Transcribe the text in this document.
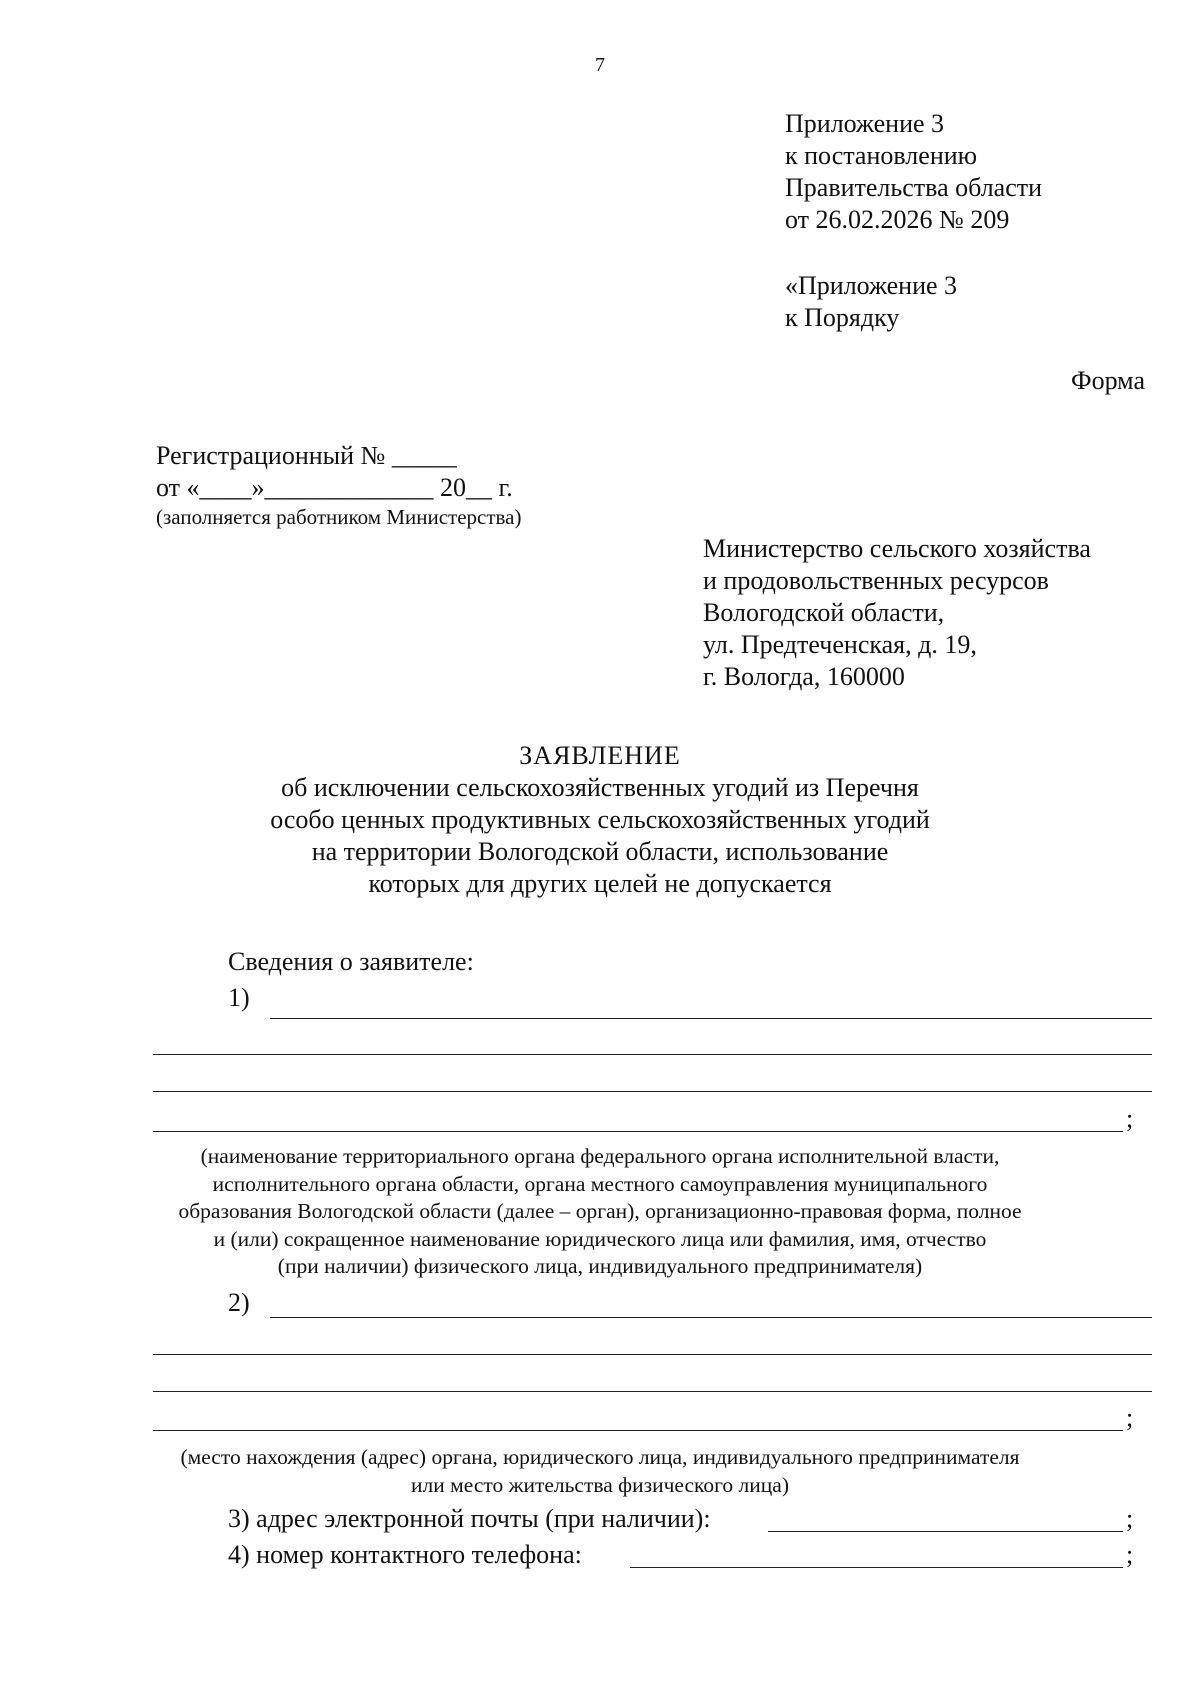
7
Приложение 3
к постановлению
Правительства области
от 26.02.2026 № 209
«Приложение 3
к Порядку
Форма
Регистрационный № _____
от «____»_____________ 20__ г.
(заполняется работником Министерства)
Министерство сельского хозяйства
и продовольственных ресурсов
Вологодской области,
ул. Предтеченская, д. 19,
г. Вологда, 160000
ЗАЯВЛЕНИЕ
об исключении сельскохозяйственных угодий из Перечня
особо ценных продуктивных сельскохозяйственных угодий
на территории Вологодской области, использование
которых для других целей не допускается
Сведения о заявителе:
1)
;
(наименование территориального органа федерального органа исполнительной власти,
исполнительного органа области, органа местного самоуправления муниципального
образования Вологодской области (далее – орган), организационно-правовая форма, полное
и (или) сокращенное наименование юридического лица или фамилия, имя, отчество
(при наличии) физического лица, индивидуального предпринимателя)
2)
;
(место нахождения (адрес) органа, юридического лица, индивидуального предпринимателя
или место жительства физического лица)
3) адрес электронной почты (при наличии):	;
4) номер контактного телефона:	;
